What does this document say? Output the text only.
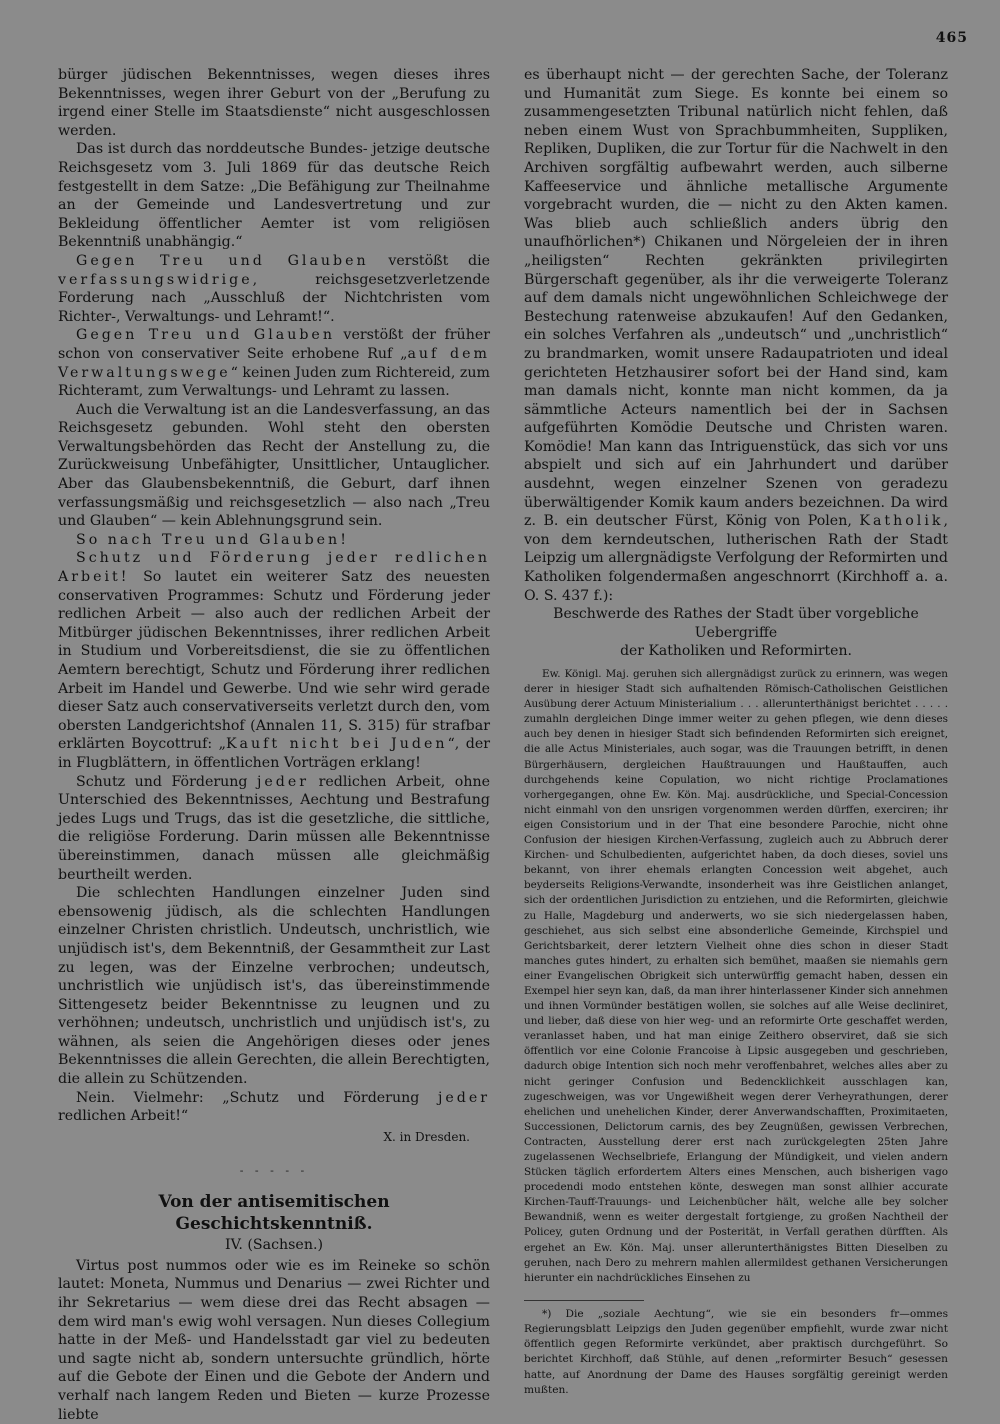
465

bürger jüdischen Bekenntnisses, wegen dieses ihres Bekenntnisses, wegen ihrer Geburt von der „Berufung zu irgend einer Stelle im Staatsdienste“ nicht ausgeschlossen werden.

Das ist durch das norddeutsche Bundes- jetzige deutsche Reichsgesetz vom 3. Juli 1869 für das deutsche Reich festgestellt in dem Satze: „Die Befähigung zur Theilnahme an der Gemeinde und Landesvertretung und zur Bekleidung öffentlicher Aemter ist vom religiösen Bekenntniß unabhängig.“

Gegen Treu und Glauben verstößt die verfassungswidrige, reichsgesetzverletzende Forderung nach „Ausschluß der Nichtchristen vom Richter-, Verwaltungs- und Lehramt!“.

Gegen Treu und Glauben verstößt der früher schon von conservativer Seite erhobene Ruf „auf dem Verwaltungswege“ keinen Juden zum Richtereid, zum Richteramt, zum Verwaltungs- und Lehramt zu lassen.

Auch die Verwaltung ist an die Landesverfassung, an das Reichsgesetz gebunden. Wohl steht den obersten Verwaltungsbehörden das Recht der Anstellung zu, die Zurückweisung Unbefähigter, Unsittlicher, Untauglicher. Aber das Glaubensbekenntniß, die Geburt, darf ihnen verfassungsmäßig und reichsgesetzlich — also nach „Treu und Glauben“ — kein Ablehnungsgrund sein.

So nach Treu und Glauben!

Schutz und Förderung jeder redlichen Arbeit! So lautet ein weiterer Satz des neuesten conservativen Programmes: Schutz und Förderung jeder redlichen Arbeit — also auch der redlichen Arbeit der Mitbürger jüdischen Bekenntnisses, ihrer redlichen Arbeit in Studium und Vorbereitsdienst, die sie zu öffentlichen Aemtern berechtigt, Schutz und Förderung ihrer redlichen Arbeit im Handel und Gewerbe. Und wie sehr wird gerade dieser Satz auch conservativerseits verletzt durch den, vom obersten Landgerichtshof (Annalen 11, S. 315) für strafbar erklärten Boycottruf: „Kauft nicht bei Juden“, der in Flugblättern, in öffentlichen Vorträgen erklang!

Schutz und Förderung jeder redlichen Arbeit, ohne Unterschied des Bekenntnisses, Aechtung und Bestrafung jedes Lugs und Trugs, das ist die gesetzliche, die sittliche, die religiöse Forderung. Darin müssen alle Bekenntnisse übereinstimmen, danach müssen alle gleichmäßig beurtheilt werden.

Die schlechten Handlungen einzelner Juden sind ebensowenig jüdisch, als die schlechten Handlungen einzelner Christen christlich. Undeutsch, unchristlich, wie unjüdisch ist's, dem Bekenntniß, der Gesammtheit zur Last zu legen, was der Einzelne verbrochen; undeutsch, unchristlich wie unjüdisch ist's, das übereinstimmende Sittengesetz beider Bekenntnisse zu leugnen und zu verhöhnen; undeutsch, unchristlich und unjüdisch ist's, zu wähnen, als seien die Angehörigen dieses oder jenes Bekenntnisses die allein Gerechten, die allein Berechtigten, die allein zu Schützenden.

Nein. Vielmehr: „Schutz und Förderung jeder redlichen Arbeit!“

X. in Dresden.
- - - - -
Von der antisemitischen Geschichtskenntniß.
IV. (Sachsen.)

Virtus post nummos oder wie es im Reineke so schön lautet: Moneta, Nummus und Denarius — zwei Richter und ihr Sekretarius — wem diese drei das Recht absagen — dem wird man's ewig wohl versagen. Nun dieses Collegium hatte in der Meß- und Handelsstadt gar viel zu bedeuten und sagte nicht ab, sondern untersuchte gründlich, hörte auf die Gebote der Einen und die Gebote der Andern und verhalf nach langem Reden und Bieten — kurze Prozesse liebte

es überhaupt nicht — der gerechten Sache, der Toleranz und Humanität zum Siege. Es konnte bei einem so zusammengesetzten Tribunal natürlich nicht fehlen, daß neben einem Wust von Sprachbummheiten, Suppliken, Repliken, Dupliken, die zur Tortur für die Nachwelt in den Archiven sorgfältig aufbewahrt werden, auch silberne Kaffeeservice und ähnliche metallische Argumente vorgebracht wurden, die — nicht zu den Akten kamen. Was blieb auch schließlich anders übrig den unaufhörlichen*) Chikanen und Nörgeleien der in ihren „heiligsten“ Rechten gekränkten privilegirten Bürgerschaft gegenüber, als ihr die verweigerte Toleranz auf dem damals nicht ungewöhnlichen Schleichwege der Bestechung ratenweise abzukaufen! Auf den Gedanken, ein solches Verfahren als „undeutsch“ und „unchristlich“ zu brandmarken, womit unsere Radaupatrioten und ideal gerichteten Hetzhausirer sofort bei der Hand sind, kam man damals nicht, konnte man nicht kommen, da ja sämmtliche Acteurs namentlich bei der in Sachsen aufgeführten Komödie Deutsche und Christen waren. Komödie! Man kann das Intriguenstück, das sich vor uns abspielt und sich auf ein Jahrhundert und darüber ausdehnt, wegen einzelner Szenen von geradezu überwältigender Komik kaum anders bezeichnen. Da wird z. B. ein deutscher Fürst, König von Polen, Katholik, von dem kerndeutschen, lutherischen Rath der Stadt Leipzig um allergnädigste Verfolgung der Reformirten und Katholiken folgendermaßen angeschnorrt (Kirchhoff a. a. O. S. 437 f.):

Beschwerde des Rathes der Stadt über vorgebliche Uebergriffe

der Katholiken und Reformirten.

Ew. Königl. Maj. geruhen sich allergnädigst zurück zu erinnern, was wegen derer in hiesiger Stadt sich aufhaltenden Römisch-Catholischen Geistlichen Ausübung derer Actuum Ministerialium . . . allerunterthänigst berichtet . . . . . zumahln dergleichen Dinge immer weiter zu gehen pflegen, wie denn dieses auch bey denen in hiesiger Stadt sich befindenden Reformirten sich ereignet, die alle Actus Ministeriales, auch sogar, was die Trauungen betrifft, in denen Bürgerhäusern, dergleichen Haußtrauungen und Haußtauffen, auch durchgehends keine Copulation, wo nicht richtige Proclamationes vorhergegangen, ohne Ew. Kön. Maj. ausdrückliche, und Special-Concession nicht einmahl von den unsrigen vorgenommen werden dürffen, exerciren; ihr eigen Consistorium und in der That eine besondere Parochie, nicht ohne Confusion der hiesigen Kirchen-Verfassung, zugleich auch zu Abbruch derer Kirchen- und Schulbedienten, aufgerichtet haben, da doch dieses, soviel uns bekannt, von ihrer ehemals erlangten Concession weit abgehet, auch beyderseits Religions-Verwandte, insonderheit was ihre Geistlichen anlanget, sich der ordentlichen Jurisdiction zu entziehen, und die Reformirten, gleichwie zu Halle, Magdeburg und anderwerts, wo sie sich niedergelassen haben, geschiehet, aus sich selbst eine absonderliche Gemeinde, Kirchspiel und Gerichtsbarkeit, derer letztern Vielheit ohne dies schon in dieser Stadt manches gutes hindert, zu erhalten sich bemühet, maaßen sie niemahls gern einer Evangelischen Obrigkeit sich unterwürffig gemacht haben, dessen ein Exempel hier seyn kan, daß, da man ihrer hinterlassener Kinder sich annehmen und ihnen Vormünder bestätigen wollen, sie solches auf alle Weise decliniret, und lieber, daß diese von hier weg- und an reformirte Orte geschaffet werden, veranlasset haben, und hat man einige Zeithero observiret, daß sie sich öffentlich vor eine Colonie Francoise à Lipsic ausgegeben und geschrieben, dadurch obige Intention sich noch mehr veroffenbahret, welches alles aber zu nicht geringer Confusion und Bedencklichkeit ausschlagen kan, zugeschweigen, was vor Ungewißheit wegen derer Verheyrathungen, derer ehelichen und unehelichen Kinder, derer Anverwandschafften, Proximitaeten, Successionen, Delictorum carnis, des bey Zeugnüßen, gewissen Verbrechen, Contracten, Ausstellung derer erst nach zurückgelegten 25ten Jahre zugelassenen Wechselbriefe, Erlangung der Mündigkeit, und vielen andern Stücken täglich erfordertem Alters eines Menschen, auch bisherigen vago procedendi modo entstehen könte, deswegen man sonst allhier accurate Kirchen-Tauff-Trauungs- und Leichenbücher hält, welche alle bey solcher Bewandniß, wenn es weiter dergestalt fortgienge, zu großen Nachtheil der Policey, guten Ordnung und der Posterität, in Verfall gerathen dürfften. Als ergehet an Ew. Kön. Maj. unser allerunterthänigstes Bitten Dieselben zu geruhen, nach Dero zu mehrern mahlen allermildest gethanen Versicherungen hierunter ein nachdrückliches Einsehen zu

*) Die „soziale Aechtung“, wie sie ein besonders fr—ommes Regierungsblatt Leipzigs den Juden gegenüber empfiehlt, wurde zwar nicht öffentlich gegen Reformirte verkündet, aber praktisch durchgeführt. So berichtet Kirchhoff, daß Stühle, auf denen „reformirter Besuch“ gesessen hatte, auf Anordnung der Dame des Hauses sorgfältig gereinigt werden mußten.
